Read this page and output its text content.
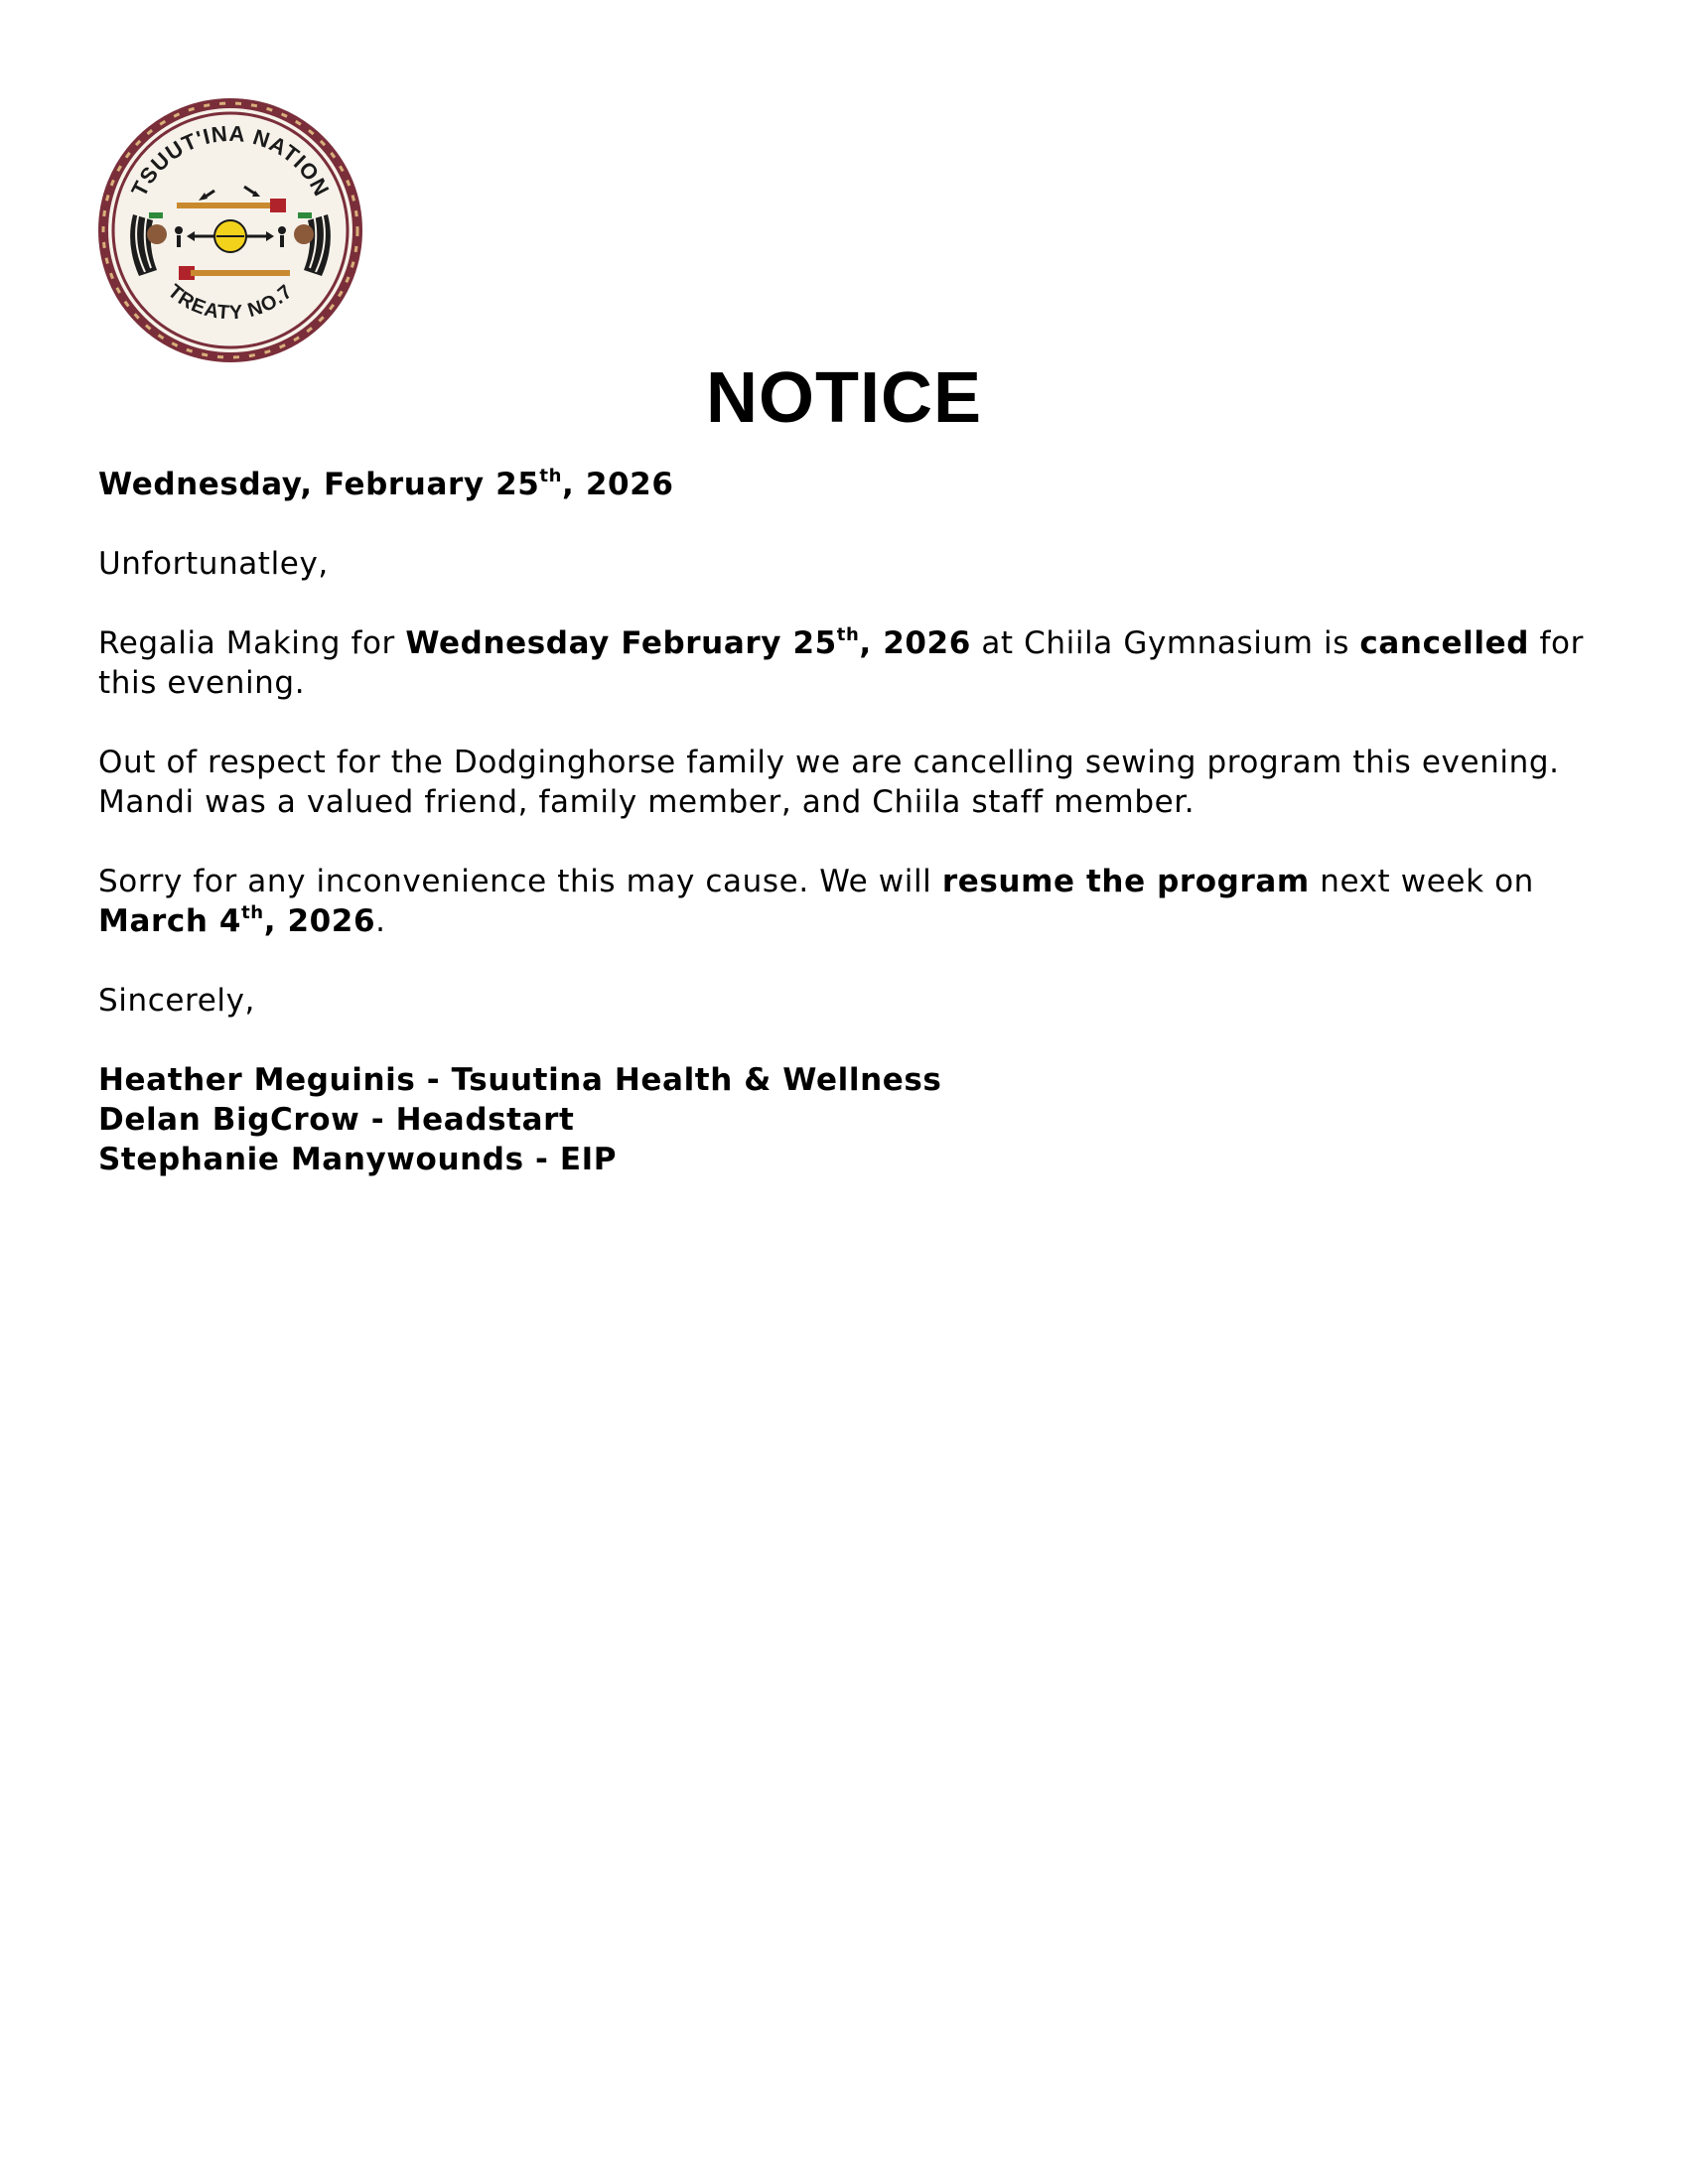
TSUUT'INA NATION
TREATY NO.7
NOTICE

Wednesday, February 25th, 2026

Unfortunatley,

Regalia Making for Wednesday February 25th, 2026 at Chiila Gymnasium is cancelled for this evening.

Out of respect for the Dodginghorse family we are cancelling sewing program this evening. Mandi was a valued friend, family member, and Chiila staff member.

Sorry for any inconvenience this may cause. We will resume the program next week on March 4th, 2026.

Sincerely,

Heather Meguinis - Tsuutina Health & Wellness
Delan BigCrow - Headstart
Stephanie Manywounds - EIP
